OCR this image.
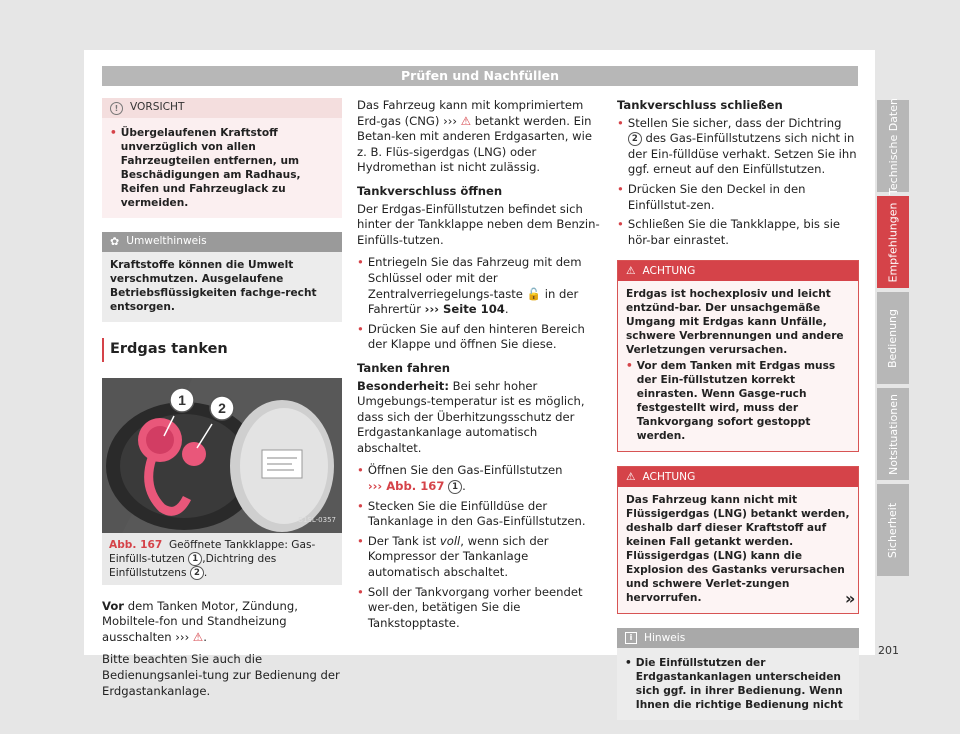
Prüfen und Nachfüllen
!	VORSICHT
• Übergelaufenen Kraftstoff unverzüglich von allen Fahrzeugteilen entfernen, um Beschädigungen am Radhaus, Reifen und Fahrzeuglack zu vermeiden.
✿ Umwelthinweis
Kraftstoffe können die Umwelt verschmutzen. Ausgelaufene Betriebsflüssigkeiten fachge-recht entsorgen.
Erdgas tanken
1 2
B1SL-0357
Abb. 167 Geöffnete Tankklappe: Gas-Einfülls-tutzen 1 ,Dichtring des Einfüllstutzens 2 .

Vor dem Tanken Motor, Zündung, Mobiltele-fon und Standheizung ausschalten ››› ⚠.

Bitte beachten Sie auch die Bedienungsanlei-tung zur Bedienung der Erdgastankanlage.

Das Fahrzeug kann mit komprimiertem Erd-gas (CNG) ››› ⚠ betankt werden. Ein Betan-ken mit anderen Erdgasarten, wie z. B. Flüs-sigerdgas (LNG) oder Hydromethan ist nicht zulässig.

Tankverschluss öffnen

Der Erdgas-Einfüllstutzen befindet sich hinter der Tankklappe neben dem Benzin-Einfülls-tutzen.

• Entriegeln Sie das Fahrzeug mit dem Schlüssel oder mit der Zentralverriegelungs-taste 🔓 in der Fahrertür ››› Seite 104.
• Drücken Sie auf den hinteren Bereich der Klappe und öffnen Sie diese.
Tanken fahren

Besonderheit: Bei sehr hoher Umgebungs-temperatur ist es möglich, dass sich der Überhitzungsschutz der Erdgastankanlage automatisch abschaltet.

• Öffnen Sie den Gas-Einfüllstutzen
››› Abb. 167 1 .
• Stecken Sie die Einfülldüse der Tankanlage in den Gas-Einfüllstutzen.
• Der Tank ist voll, wenn sich der Kompressor der Tankanlage automatisch abschaltet.
• Soll der Tankvorgang vorher beendet wer-den, betätigen Sie die Tankstopptaste.
Tankverschluss schließen
• Stellen Sie sicher, dass der Dichtring 2 des Gas-Einfüllstutzens sich nicht in der Ein-fülldüse verhakt. Setzen Sie ihn ggf. erneut auf den Einfüllstutzen.
• Drücken Sie den Deckel in den Einfüllstut-zen.
• Schließen Sie die Tankklappe, bis sie hör-bar einrastet.
⚠ ACHTUNG
Erdgas ist hochexplosiv und leicht entzünd-bar. Der unsachgemäße Umgang mit Erdgas kann Unfälle, schwere Verbrennungen und andere Verletzungen verursachen.
• Vor dem Tanken mit Erdgas muss der Ein-füllstutzen korrekt einrasten. Wenn Gasge-ruch festgestellt wird, muss der Tankvorgang sofort gestoppt werden.
⚠ ACHTUNG
Das Fahrzeug kann nicht mit Flüssigerdgas (LNG) betankt werden, deshalb darf dieser Kraftstoff auf keinen Fall getankt werden. Flüssigerdgas (LNG) kann die Explosion des Gastanks verursachen und schwere Verlet-zungen hervorrufen.
i	Hinweis
• Die Einfüllstutzen der Erdgastankanlagen unterscheiden sich ggf. in ihrer Bedienung. Wenn Ihnen die richtige Bedienung nicht
»
Technische Daten
Empfehlungen
Bedienung
Notsituationen
Sicherheit
201
